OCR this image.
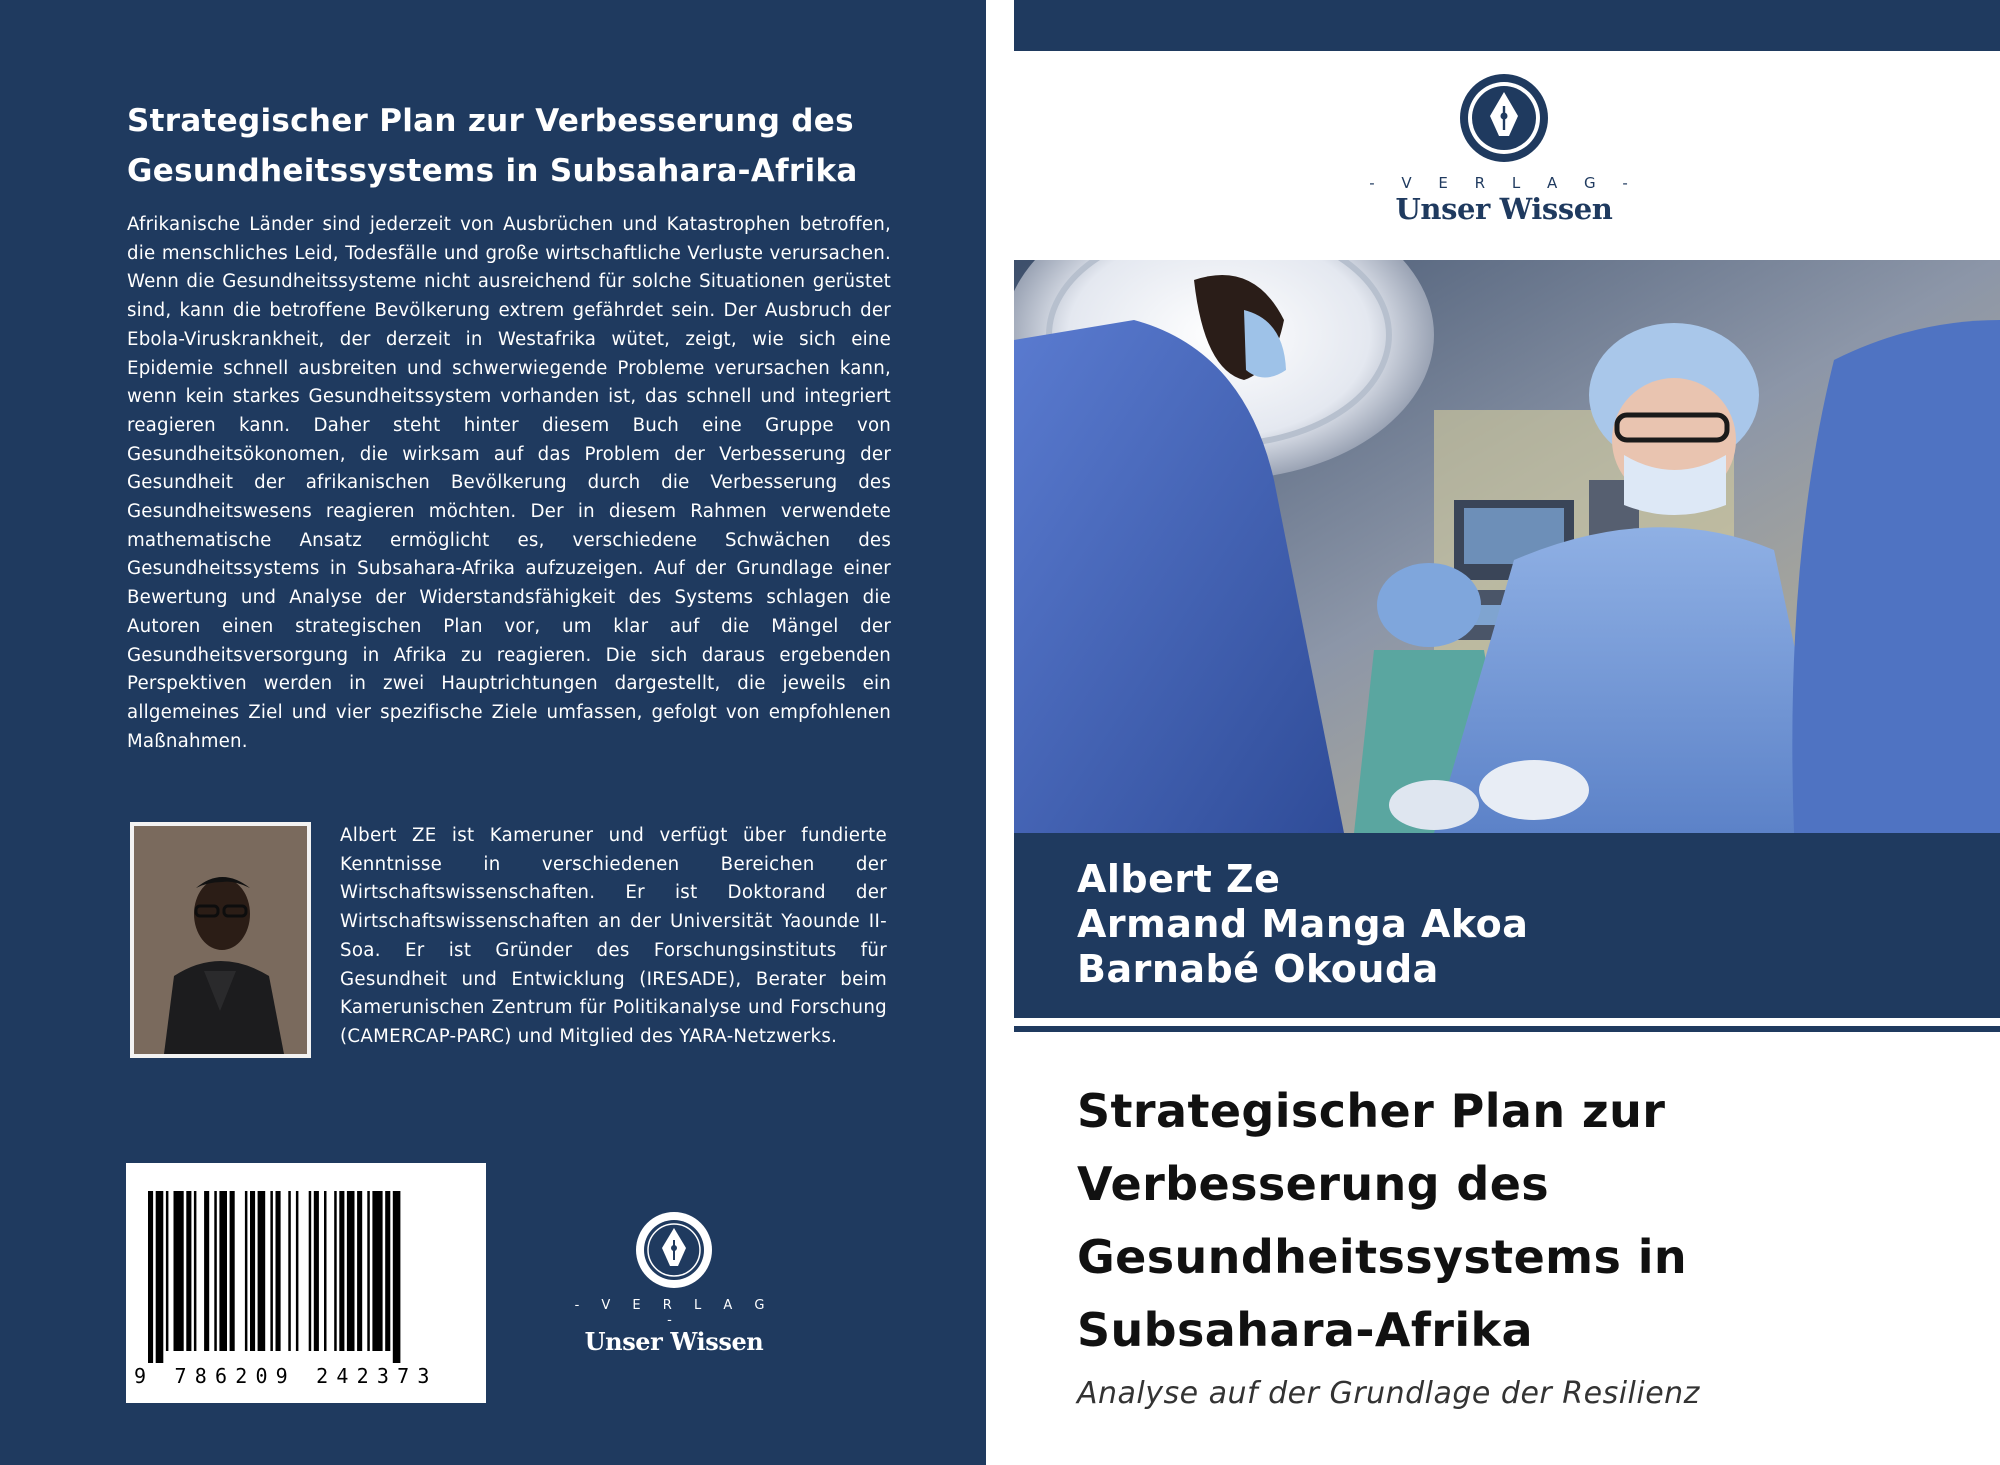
Strategischer Plan zur Verbesserung des Gesundheitssystems in Subsahara-Afrika

Afrikanische Länder sind jederzeit von Ausbrüchen und Katastrophen betroffen, die menschliches Leid, Todesfälle und große wirtschaftliche Verluste verursachen. Wenn die Gesundheitssysteme nicht ausreichend für solche Situationen gerüstet sind, kann die betroffene Bevölkerung extrem gefährdet sein. Der Ausbruch der Ebola-Viruskrankheit, der derzeit in Westafrika wütet, zeigt, wie sich eine Epidemie schnell ausbreiten und schwerwiegende Probleme verursachen kann, wenn kein starkes Gesundheitssystem vorhanden ist, das schnell und integriert reagieren kann. Daher steht hinter diesem Buch eine Gruppe von Gesundheitsökonomen, die wirksam auf das Problem der Verbesserung der Gesundheit der afrikanischen Bevölkerung durch die Verbesserung des Gesundheitswesens reagieren möchten. Der in diesem Rahmen verwendete mathematische Ansatz ermöglicht es, verschiedene Schwächen des Gesundheitssystems in Subsahara-Afrika aufzuzeigen. Auf der Grundlage einer Bewertung und Analyse der Widerstandsfähigkeit des Systems schlagen die Autoren einen strategischen Plan vor, um klar auf die Mängel der Gesundheitsversorgung in Afrika zu reagieren. Die sich daraus ergebenden Perspektiven werden in zwei Hauptrichtungen dargestellt, die jeweils ein allgemeines Ziel und vier spezifische Ziele umfassen, gefolgt von empfohlenen Maßnahmen.

Albert ZE ist Kameruner und verfügt über fundierte Kenntnisse in verschiedenen Bereichen der Wirtschaftswissenschaften. Er ist Doktorand der Wirtschaftswissenschaften an der Universität Yaounde II-Soa. Er ist Gründer des Forschungsinstituts für Gesundheit und Entwicklung (IRESADE), Berater beim Kamerunischen Zentrum für Politikanalyse und Forschung (CAMERCAP-PARC) und Mitglied des YARA-Netzwerks.

9 786209 242373
- V E R L A G -
Unser Wissen
- V E R L A G -
Unser Wissen
Albert Ze
Armand Manga Akoa
Barnabé Okouda
Strategischer Plan zur
Verbesserung des
Gesundheitssystems in
Subsahara-Afrika
Analyse auf der Grundlage der Resilienz
